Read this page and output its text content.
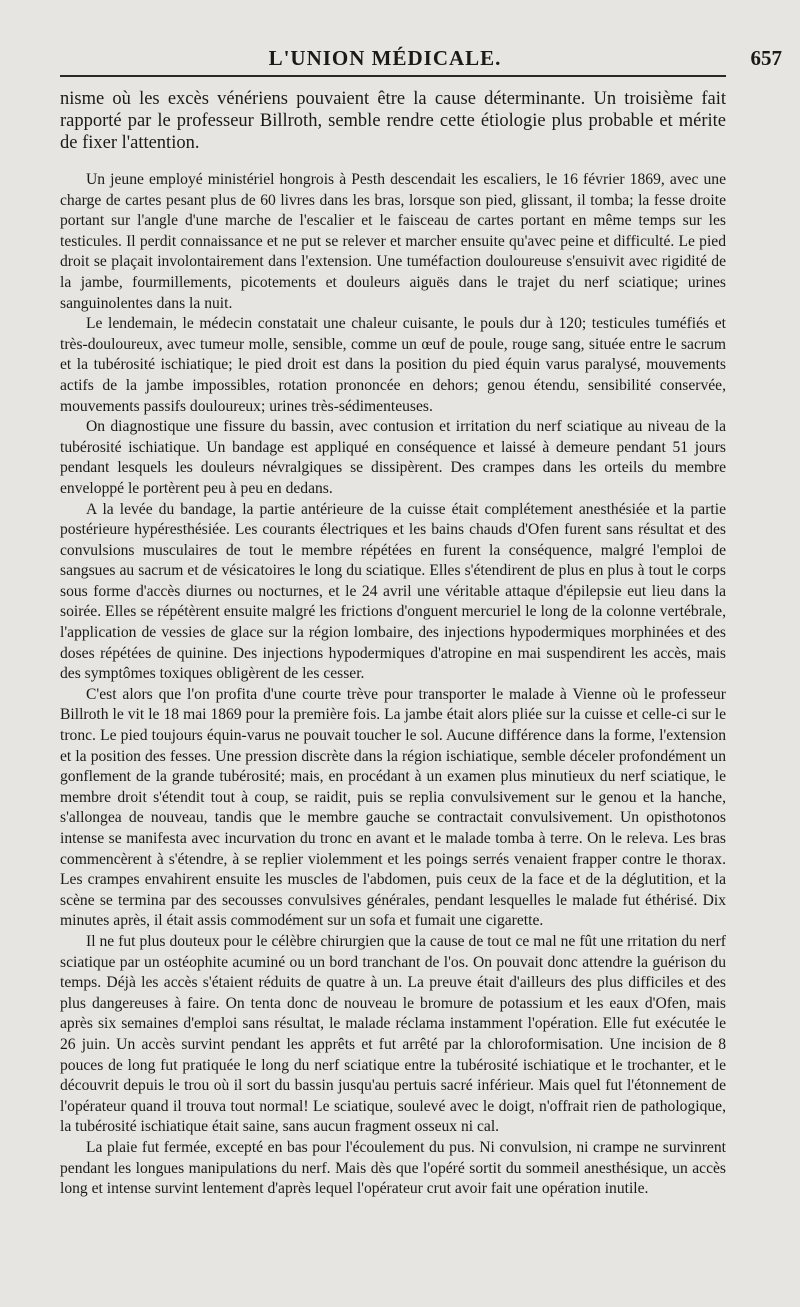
L'UNION MÉDICALE.	657

nisme où les excès vénériens pouvaient être la cause déterminante. Un troisième fait rapporté par le professeur Billroth, semble rendre cette étiologie plus probable et mérite de fixer l'attention.

Un jeune employé ministériel hongrois à Pesth descendait les escaliers, le 16 février 1869, avec une charge de cartes pesant plus de 60 livres dans les bras, lorsque son pied, glissant, il tomba; la fesse droite portant sur l'angle d'une marche de l'escalier et le faisceau de cartes portant en même temps sur les testicules. Il perdit connaissance et ne put se relever et marcher ensuite qu'avec peine et difficulté. Le pied droit se plaçait involontairement dans l'extension. Une tuméfaction douloureuse s'ensuivit avec rigidité de la jambe, fourmillements, picotements et douleurs aiguës dans le trajet du nerf sciatique; urines sanguinolentes dans la nuit.

Le lendemain, le médecin constatait une chaleur cuisante, le pouls dur à 120; testicules tuméfiés et très-douloureux, avec tumeur molle, sensible, comme un œuf de poule, rouge sang, située entre le sacrum et la tubérosité ischiatique; le pied droit est dans la position du pied équin varus paralysé, mouvements actifs de la jambe impossibles, rotation prononcée en dehors; genou étendu, sensibilité conservée, mouvements passifs douloureux; urines très-sédimenteuses.

On diagnostique une fissure du bassin, avec contusion et irritation du nerf sciatique au niveau de la tubérosité ischiatique. Un bandage est appliqué en conséquence et laissé à demeure pendant 51 jours pendant lesquels les douleurs névralgiques se dissipèrent. Des crampes dans les orteils du membre enveloppé le portèrent peu à peu en dedans.

A la levée du bandage, la partie antérieure de la cuisse était complétement anesthésiée et la partie postérieure hypéresthésiée. Les courants électriques et les bains chauds d'Ofen furent sans résultat et des convulsions musculaires de tout le membre répétées en furent la conséquence, malgré l'emploi de sangsues au sacrum et de vésicatoires le long du sciatique. Elles s'étendirent de plus en plus à tout le corps sous forme d'accès diurnes ou nocturnes, et le 24 avril une véritable attaque d'épilepsie eut lieu dans la soirée. Elles se répétèrent ensuite malgré les frictions d'onguent mercuriel le long de la colonne vertébrale, l'application de vessies de glace sur la région lombaire, des injections hypodermiques morphinées et des doses répétées de quinine. Des injections hypodermiques d'atropine en mai suspendirent les accès, mais des symptômes toxiques obligèrent de les cesser.

C'est alors que l'on profita d'une courte trève pour transporter le malade à Vienne où le professeur Billroth le vit le 18 mai 1869 pour la première fois. La jambe était alors pliée sur la cuisse et celle-ci sur le tronc. Le pied toujours équin-varus ne pouvait toucher le sol. Aucune différence dans la forme, l'extension et la position des fesses. Une pression discrète dans la région ischiatique, semble déceler profondément un gonflement de la grande tubérosité; mais, en procédant à un examen plus minutieux du nerf sciatique, le membre droit s'étendit tout à coup, se raidit, puis se replia convulsivement sur le genou et la hanche, s'allongea de nouveau, tandis que le membre gauche se contractait convulsivement. Un opisthotonos intense se manifesta avec incurvation du tronc en avant et le malade tomba à terre. On le releva. Les bras commencèrent à s'étendre, à se replier violemment et les poings serrés venaient frapper contre le thorax. Les crampes envahirent ensuite les muscles de l'abdomen, puis ceux de la face et de la déglutition, et la scène se termina par des secousses convulsives générales, pendant lesquelles le malade fut éthérisé. Dix minutes après, il était assis commodément sur un sofa et fumait une cigarette.

Il ne fut plus douteux pour le célèbre chirurgien que la cause de tout ce mal ne fût une rritation du nerf sciatique par un ostéophite acuminé ou un bord tranchant de l'os. On pouvait donc attendre la guérison du temps. Déjà les accès s'étaient réduits de quatre à un. La preuve était d'ailleurs des plus difficiles et des plus dangereuses à faire. On tenta donc de nouveau le bromure de potassium et les eaux d'Ofen, mais après six semaines d'emploi sans résultat, le malade réclama instamment l'opération. Elle fut exécutée le 26 juin. Un accès survint pendant les apprêts et fut arrêté par la chloroformisation. Une incision de 8 pouces de long fut pratiquée le long du nerf sciatique entre la tubérosité ischiatique et le trochanter, et le découvrit depuis le trou où il sort du bassin jusqu'au pertuis sacré inférieur. Mais quel fut l'étonnement de l'opérateur quand il trouva tout normal! Le sciatique, soulevé avec le doigt, n'offrait rien de pathologique, la tubérosité ischiatique était saine, sans aucun fragment osseux ni cal.

La plaie fut fermée, excepté en bas pour l'écoulement du pus. Ni convulsion, ni crampe ne survinrent pendant les longues manipulations du nerf. Mais dès que l'opéré sortit du sommeil anesthésique, un accès long et intense survint lentement d'après lequel l'opérateur crut avoir fait une opération inutile.
